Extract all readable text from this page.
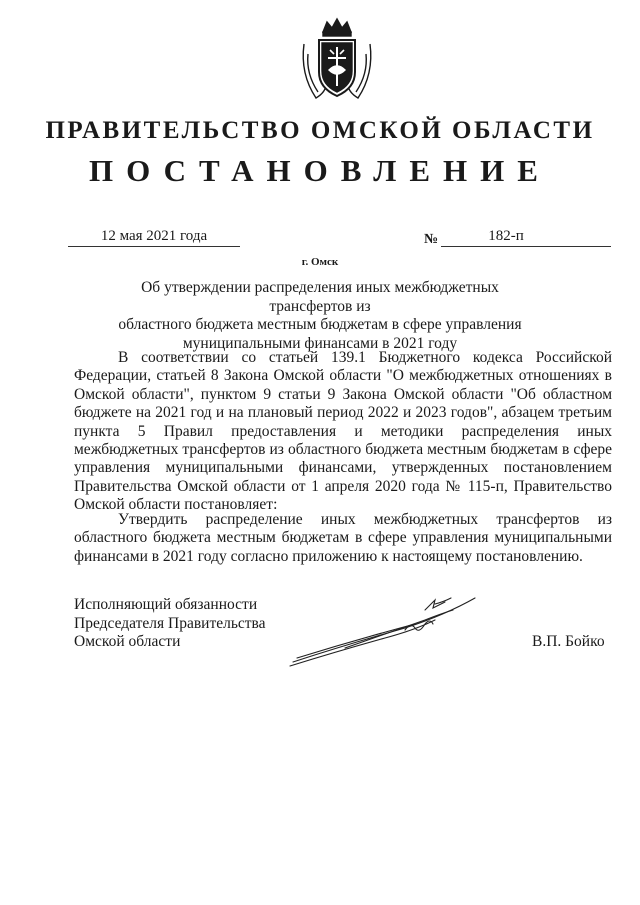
ПРАВИТЕЛЬСТВО ОМСКОЙ ОБЛАСТИ
ПОСТАНОВЛЕНИЕ
12 мая 2021 года	№	182-п
г. Омск
Об утверждении распределения иных межбюджетных трансфертов из
областного бюджета местным бюджетам в сфере управления
муниципальными финансами в 2021 году
В соответствии со статьей 139.1 Бюджетного кодекса Российской Федерации, статьей 8 Закона Омской области "О межбюджетных отношениях в Омской области", пунктом 9 статьи 9 Закона Омской области "Об областном бюджете на 2021 год и на плановый период 2022 и 2023 годов", абзацем третьим пункта 5 Правил предоставления и методики распределения иных межбюджетных трансфертов из областного бюджета местным бюджетам в сфере управления муниципальными финансами, утвержденных постановлением Правительства Омской области от 1 апреля 2020 года № 115-п, Правительство Омской области постановляет:
Утвердить распределение иных межбюджетных трансфертов из областного бюджета местным бюджетам в сфере управления муниципальными финансами в 2021 году согласно приложению к настоящему постановлению.
Исполняющий обязанности
Председателя Правительства
Омской области	В.П. Бойко
